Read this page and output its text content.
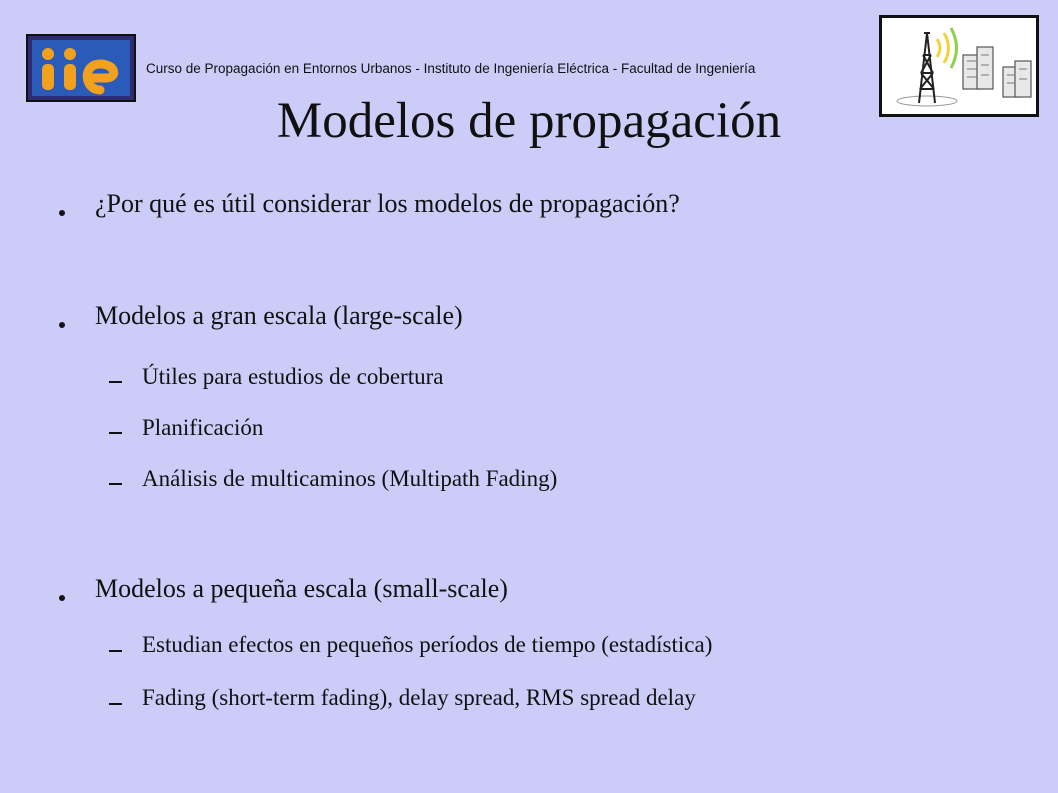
Curso de Propagación en Entornos Urbanos - Instituto de Ingeniería Eléctrica - Facultad de Ingeniería
Modelos de propagación
¿Por qué es útil considerar los modelos de propagación?
Modelos a gran escala (large-scale)
Útiles para estudios de cobertura
Planificación
Análisis de multicaminos (Multipath Fading)
Modelos a pequeña escala (small-scale)
Estudian efectos en pequeños períodos de tiempo (estadística)
Fading (short-term fading), delay spread, RMS spread delay
